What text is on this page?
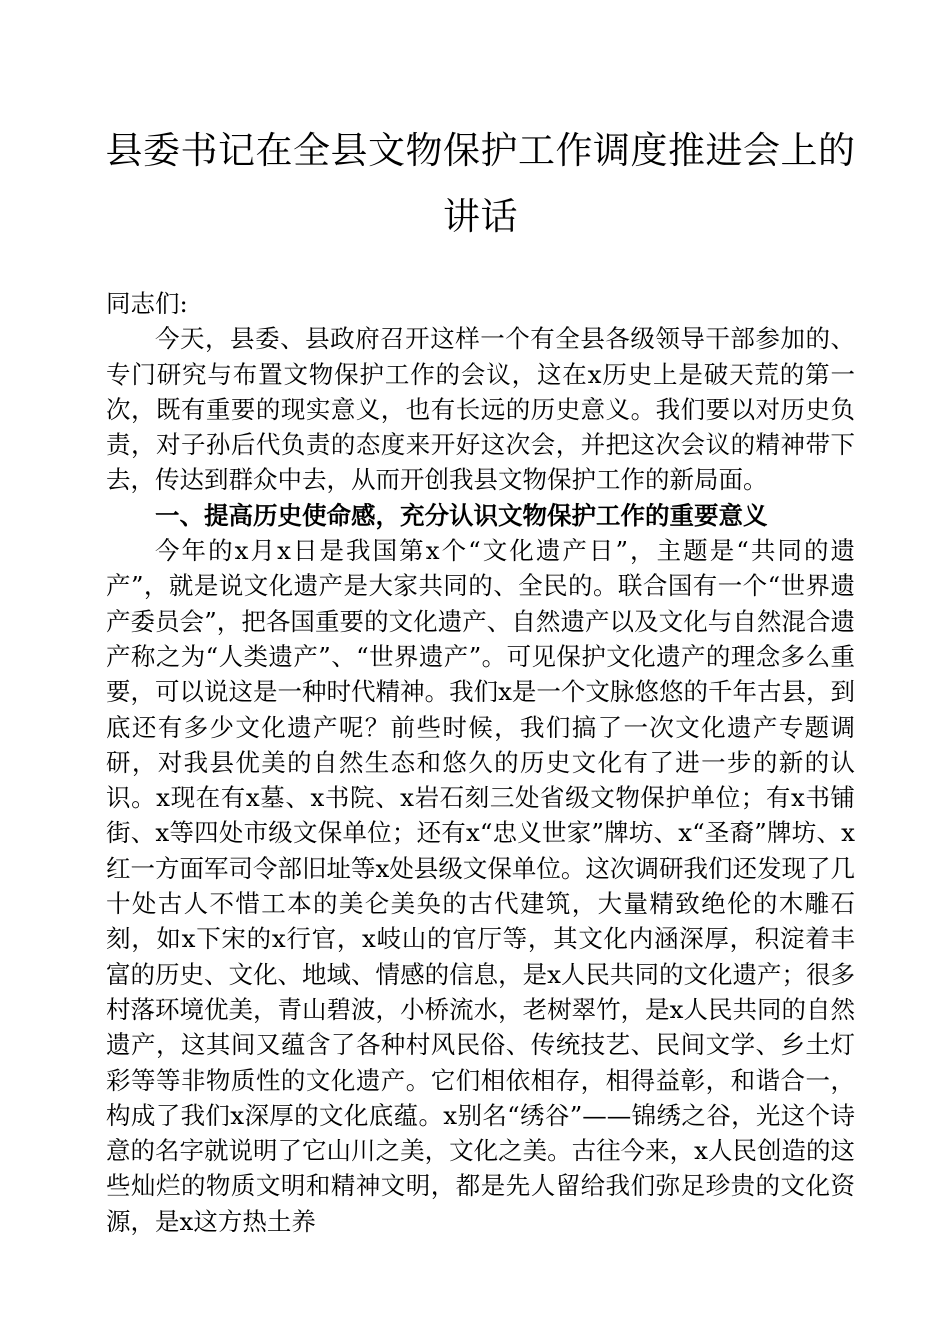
县委书记在全县文物保护工作调度推进会上的讲话

同志们:

今天，县委、县政府召开这样一个有全县各级领导干部参加的、专门研究与布置文物保护工作的会议，这在x历史上是破天荒的第一次，既有重要的现实意义，也有长远的历史意义。我们要以对历史负责，对子孙后代负责的态度来开好这次会，并把这次会议的精神带下去，传达到群众中去，从而开创我县文物保护工作的新局面。

一、提高历史使命感，充分认识文物保护工作的重要意义

今年的x月x日是我国第x个“文化遗产日”，主题是“共同的遗产”，就是说文化遗产是大家共同的、全民的。联合国有一个“世界遗产委员会”，把各国重要的文化遗产、自然遗产以及文化与自然混合遗产称之为“人类遗产”、“世界遗产”。可见保护文化遗产的理念多么重要，可以说这是一种时代精神。我们x是一个文脉悠悠的千年古县，到底还有多少文化遗产呢？前些时候，我们搞了一次文化遗产专题调研，对我县优美的自然生态和悠久的历史文化有了进一步的新的认识。x现在有x墓、x书院、x岩石刻三处省级文物保护单位；有x书铺街、x等四处市级文保单位；还有x“忠义世家”牌坊、x“圣裔”牌坊、x红一方面军司令部旧址等x处县级文保单位。这次调研我们还发现了几十处古人不惜工本的美仑美奂的古代建筑，大量精致绝伦的木雕石刻，如x下宋的x行官，x岐山的官厅等，其文化内涵深厚，积淀着丰富的历史、文化、地域、情感的信息，是x人民共同的文化遗产；很多村落环境优美，青山碧波，小桥流水，老树翠竹，是x人民共同的自然遗产，这其间又蕴含了各种村风民俗、传统技艺、民间文学、乡土灯彩等等非物质性的文化遗产。它们相依相存，相得益彰，和谐合一，构成了我们x深厚的文化底蕴。x别名“绣谷”——锦绣之谷，光这个诗意的名字就说明了它山川之美，文化之美。古往今来，x人民创造的这些灿烂的物质文明和精神文明，都是先人留给我们弥足珍贵的文化资源，是x这方热土养
